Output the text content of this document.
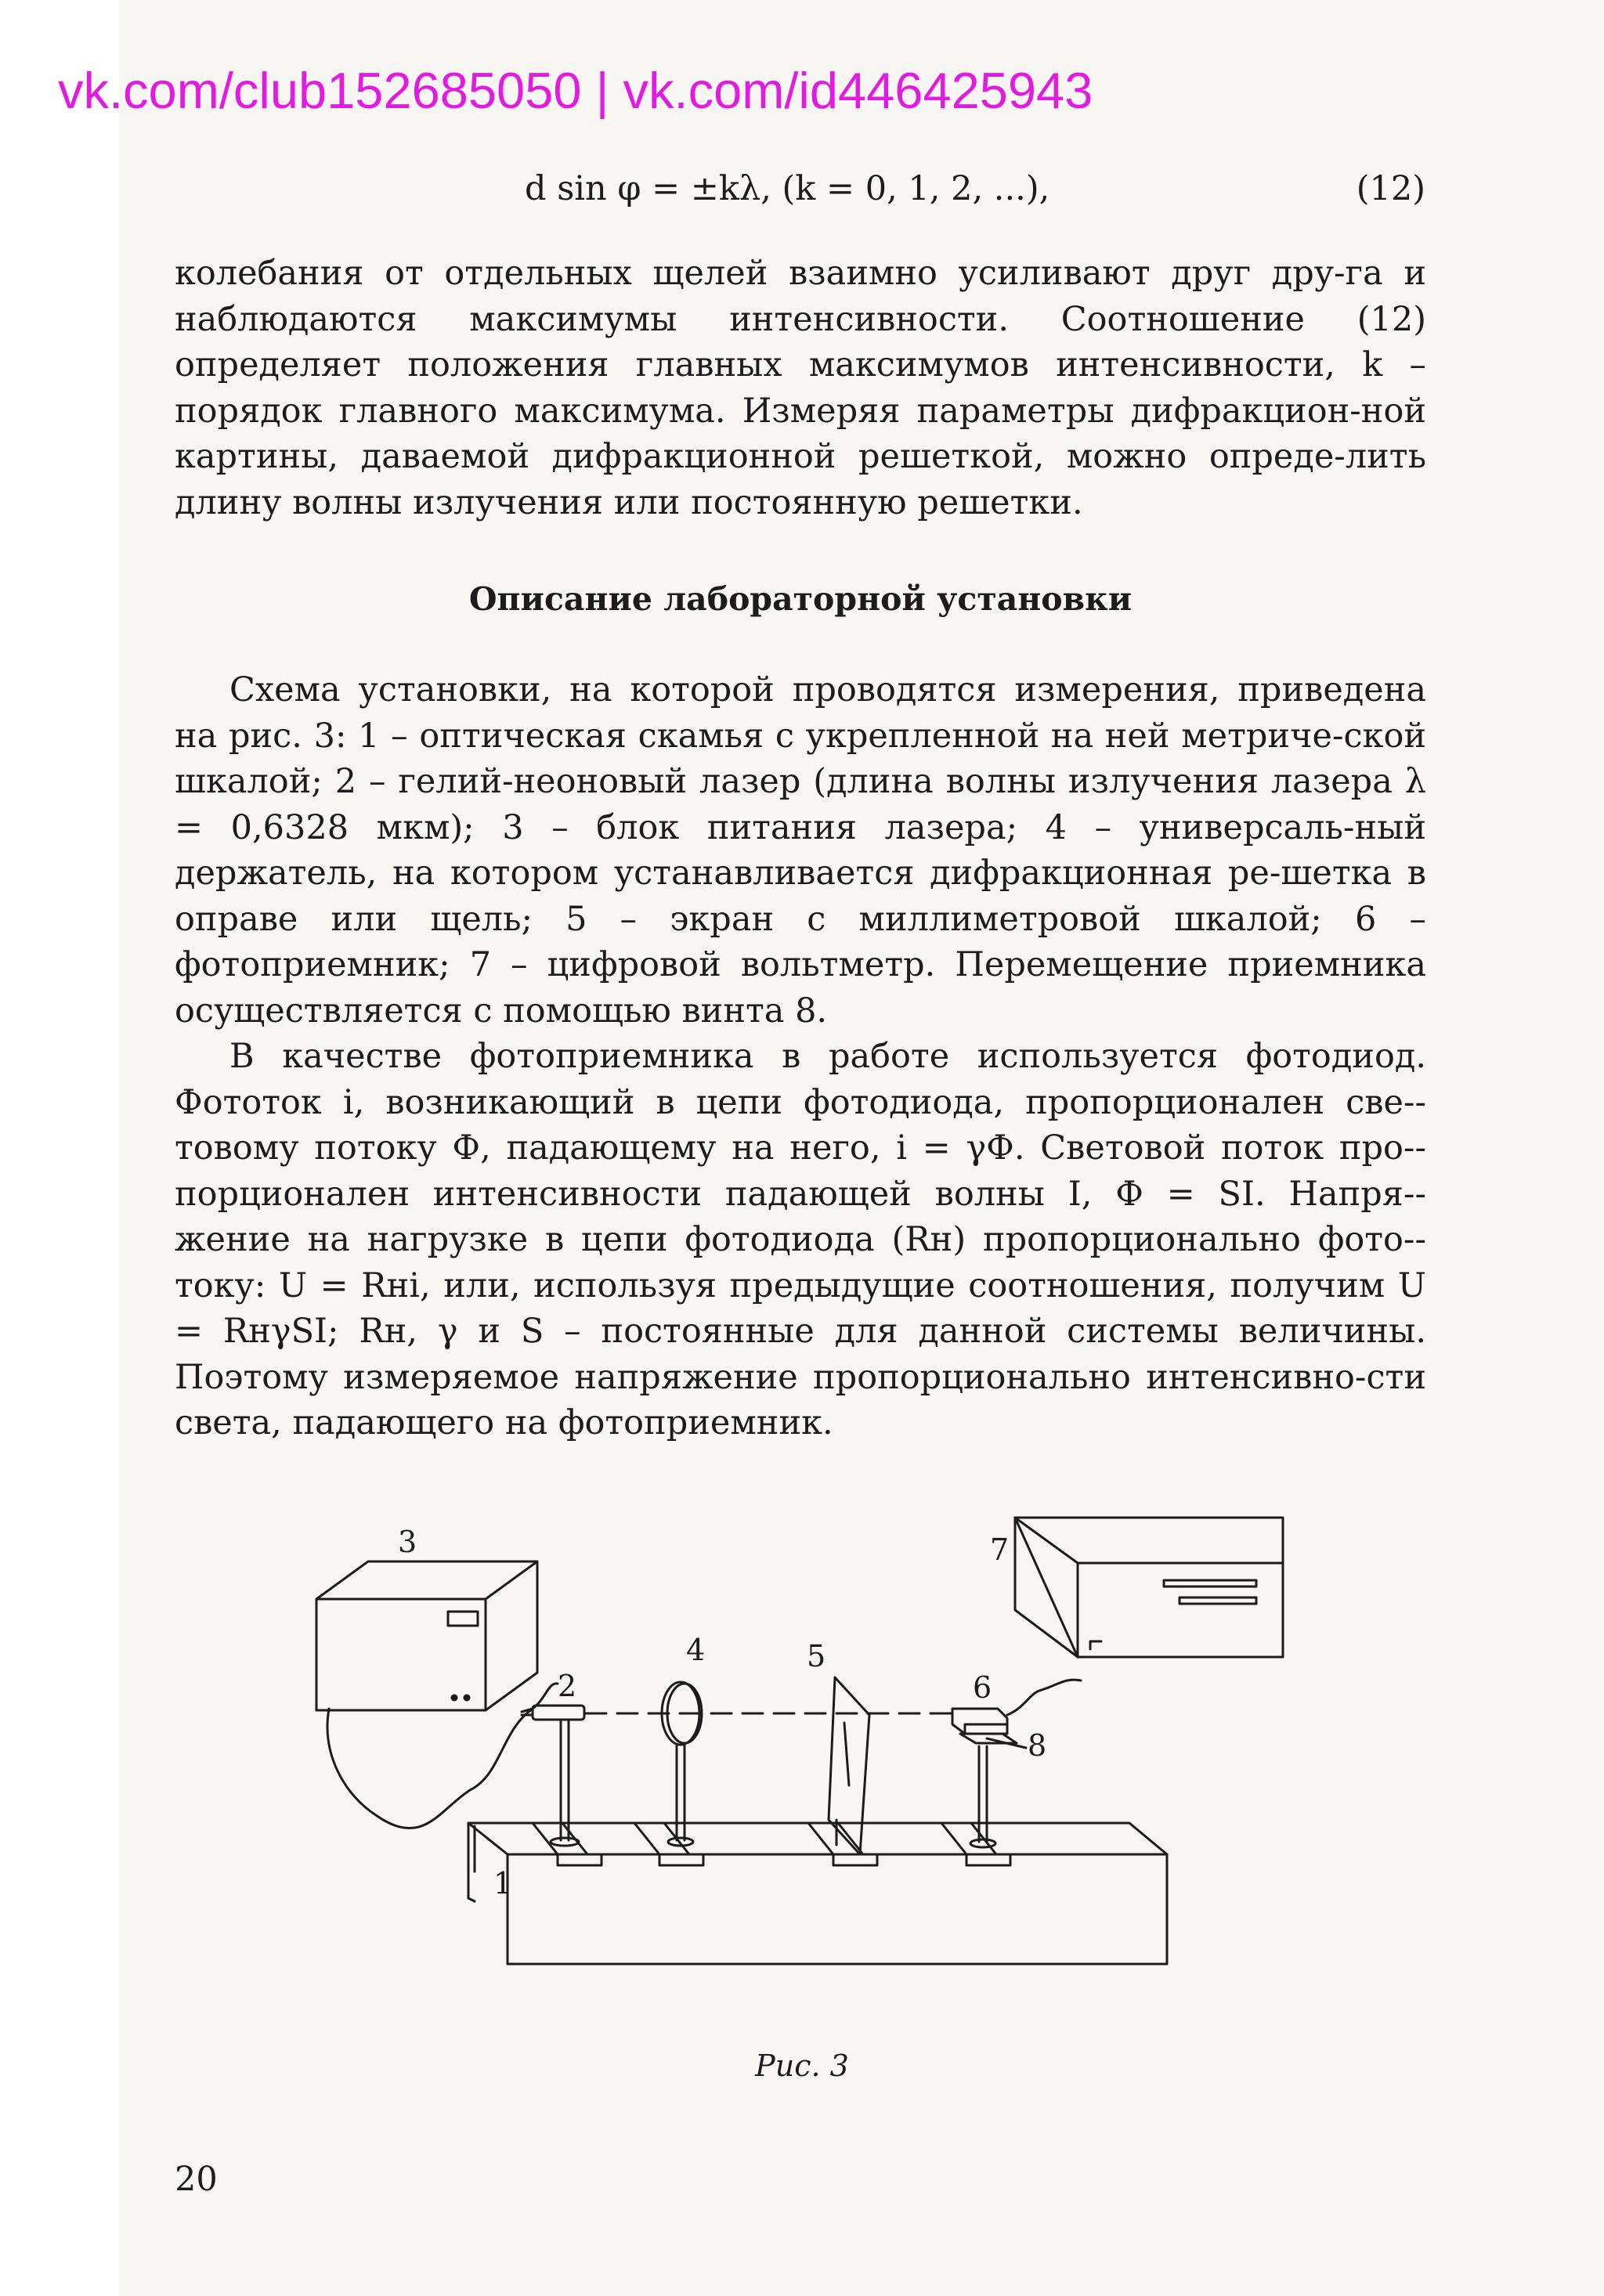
vk.com/club152685050 | vk.com/id446425943
d sin φ = ±kλ, (k = 0, 1, 2, ...),	(12)

колебания от отдельных щелей взаимно усиливают друг дру-га и наблюдаются максимумы интенсивности. Соотношение (12) определяет положения главных максимумов интенсивности, k – порядок главного максимума. Измеряя параметры дифракцион-ной картины, даваемой дифракционной решеткой, можно опреде-лить длину волны излучения или постоянную решетки.

Описание лабораторной установки

Схема установки, на которой проводятся измерения, приведена на рис. 3: 1 – оптическая скамья с укрепленной на ней метриче-ской шкалой; 2 – гелий-неоновый лазер (длина волны излучения лазера λ = 0,6328 мкм); 3 – блок питания лазера; 4 – универсаль-ный держатель, на котором устанавливается дифракционная ре-шетка в оправе или щель; 5 – экран с миллиметровой шкалой; 6 – фотоприемник; 7 – цифровой вольтметр. Перемещение приемника осуществляется с помощью винта 8.

В качестве фотоприемника в работе используется фотодиод. Фототок i, возникающий в цепи фотодиода, пропорционален све-товому потоку Ф, падающему на него, i = γФ. Световой поток про-порционален интенсивности падающей волны I, Ф = SI. Напря-жение на нагрузке в цепи фотодиода (Rн) пропорционально фото-току: U = Rнi, или, используя предыдущие соотношения, получим U = RнγSI; Rн, γ и S – постоянные для данной системы величины. Поэтому измеряемое напряжение пропорционально интенсивно-сти света, падающего на фотоприемник.

1
2
3
4	5
6
7
8
Рис. 3
20
